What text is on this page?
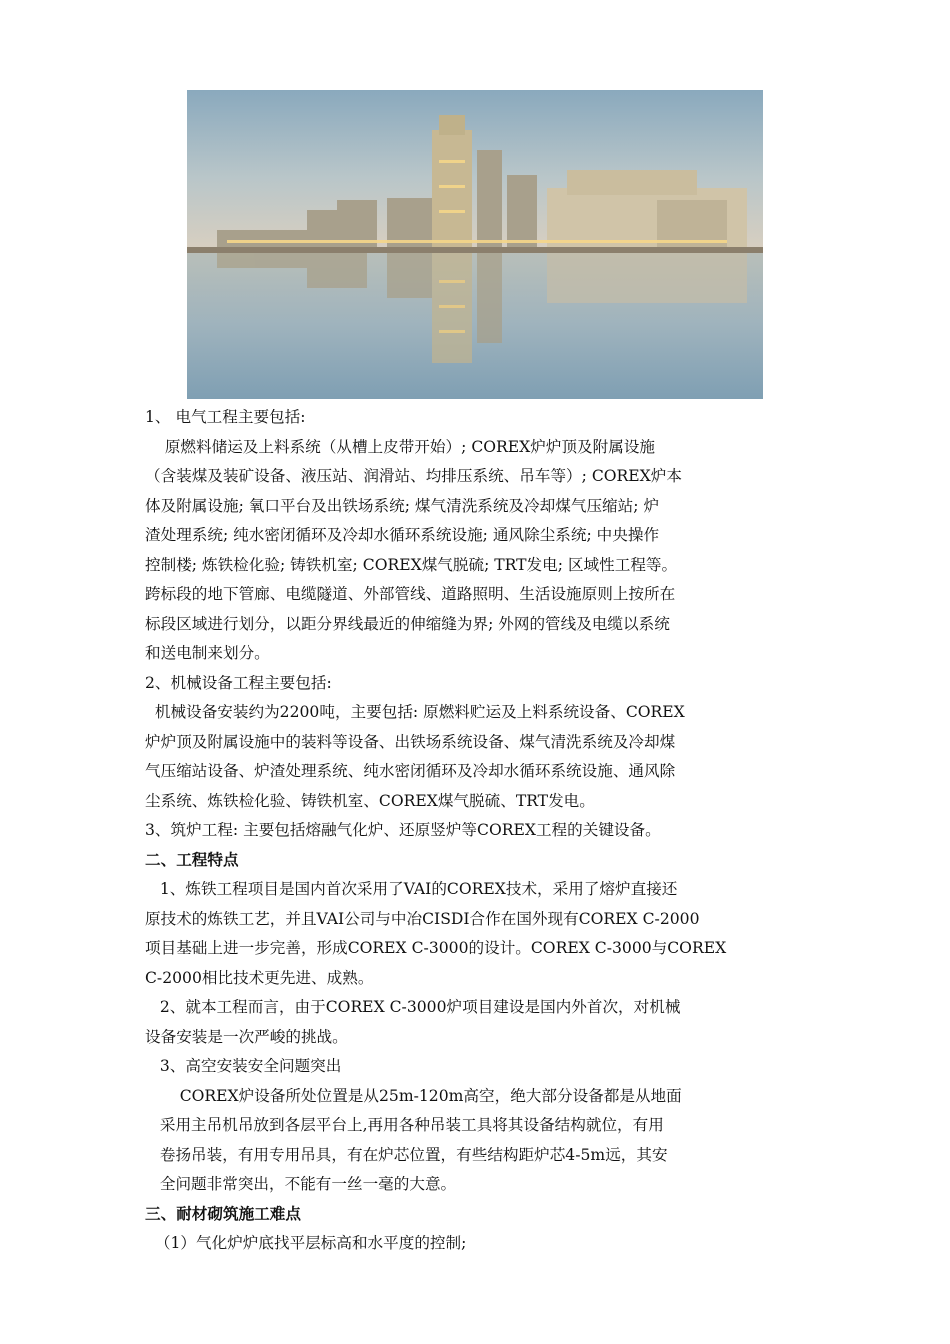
1、 电气工程主要包括:
原燃料储运及上料系统（从槽上皮带开始）; COREX炉炉顶及附属设施
（含装煤及装矿设备、液压站、润滑站、均排压系统、吊车等）; COREX炉本
体及附属设施; 氧口平台及出铁场系统; 煤气清洗系统及冷却煤气压缩站; 炉
渣处理系统; 纯水密闭循环及冷却水循环系统设施; 通风除尘系统; 中央操作
控制楼; 炼铁检化验; 铸铁机室; COREX煤气脱硫; TRT发电; 区域性工程等。
跨标段的地下管廊、电缆隧道、外部管线、道路照明、生活设施原则上按所在
标段区域进行划分，以距分界线最近的伸缩缝为界; 外网的管线及电缆以系统
和送电制来划分。
2、机械设备工程主要包括:
机械设备安装约为2200吨，主要包括: 原燃料贮运及上料系统设备、COREX
炉炉顶及附属设施中的装料等设备、出铁场系统设备、煤气清洗系统及冷却煤
气压缩站设备、炉渣处理系统、纯水密闭循环及冷却水循环系统设施、通风除
尘系统、炼铁检化验、铸铁机室、COREX煤气脱硫、TRT发电。
3、筑炉工程: 主要包括熔融气化炉、还原竖炉等COREX工程的关键设备。
二、工程特点
1、炼铁工程项目是国内首次采用了VAI的COREX技术，采用了熔炉直接还
原技术的炼铁工艺，并且VAI公司与中冶CISDI合作在国外现有COREX C-2000
项目基础上进一步完善，形成COREX C-3000的设计。COREX C-3000与COREX
C-2000相比技术更先进、成熟。
2、就本工程而言，由于COREX C-3000炉项目建设是国内外首次，对机械
设备安装是一次严峻的挑战。
3、高空安装安全问题突出
COREX炉设备所处位置是从25m-120m高空，绝大部分设备都是从地面
采用主吊机吊放到各层平台上,再用各种吊装工具将其设备结构就位，有用
卷扬吊装，有用专用吊具，有在炉芯位置，有些结构距炉芯4-5m远，其安
全问题非常突出，不能有一丝一毫的大意。
三、耐材砌筑施工难点
（1）气化炉炉底找平层标高和水平度的控制;
